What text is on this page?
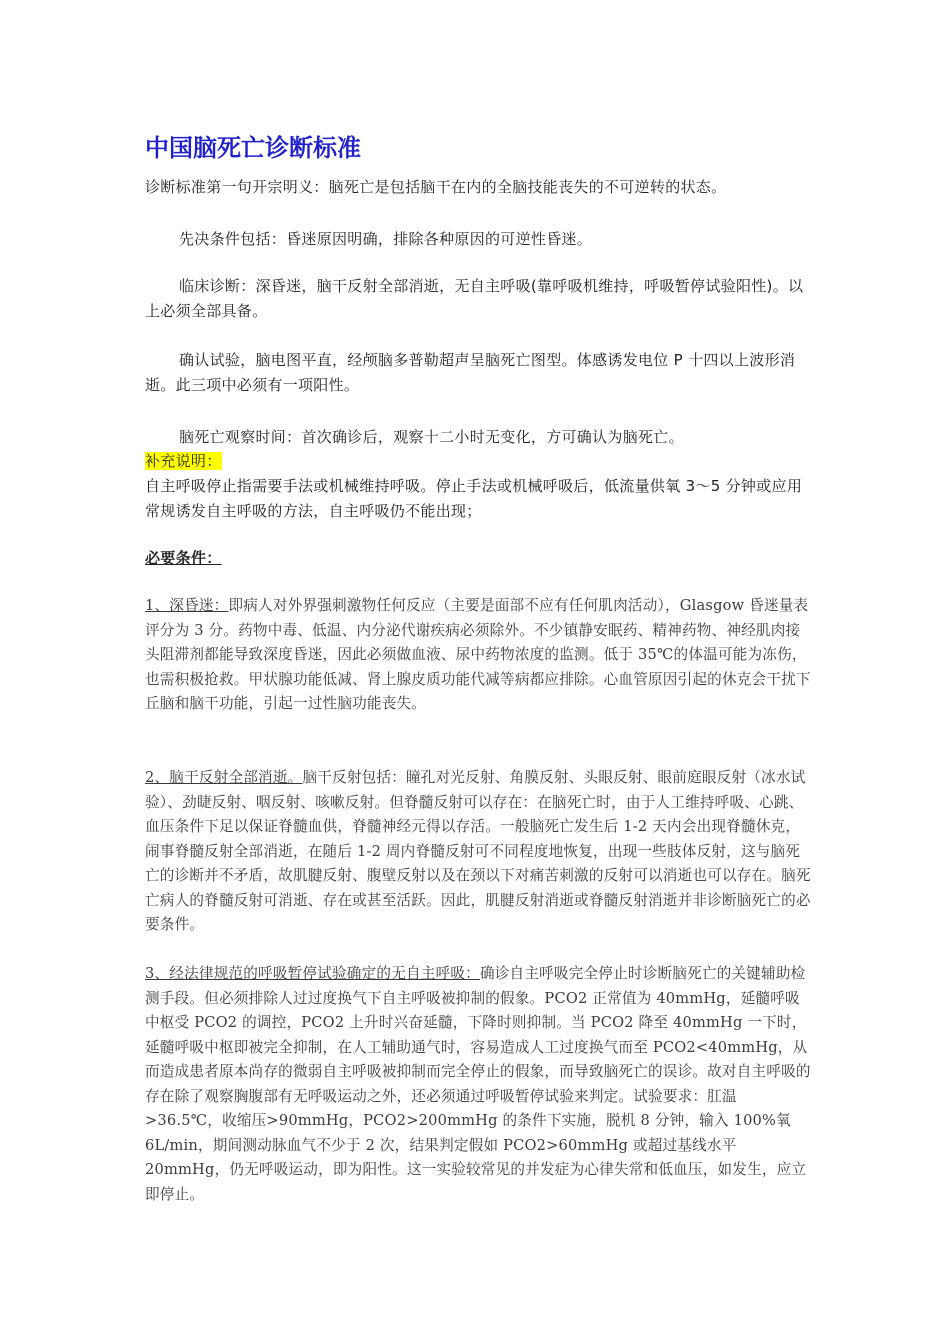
中国脑死亡诊断标准
诊断标准第一句开宗明义：脑死亡是包括脑干在内的全脑技能丧失的不可逆转的状态。
先决条件包括：昏迷原因明确，排除各种原因的可逆性昏迷。
临床诊断：深昏迷，脑干反射全部消逝，无自主呼吸(靠呼吸机维持，呼吸暂停试验阳性)。以上必须全部具备。
确认试验，脑电图平直，经颅脑多普勒超声呈脑死亡图型。体感诱发电位 P 十四以上波形消逝。此三项中必须有一项阳性。
脑死亡观察时间：首次确诊后，观察十二小时无变化，方可确认为脑死亡。
补充说明：
自主呼吸停止指需要手法或机械维持呼吸。停止手法或机械呼吸后，低流量供氧 3～5 分钟或应用常规诱发自主呼吸的方法，自主呼吸仍不能出现；
必要条件：
1、深昏迷：即病人对外界强刺激物任何反应（主要是面部不应有任何肌肉活动），Glasgow 昏迷量表评分为 3 分。药物中毒、低温、内分泌代谢疾病必须除外。不少镇静安眠药、精神药物、神经肌肉接头阻滞剂都能导致深度昏迷，因此必须做血液、尿中药物浓度的监测。低于 35℃的体温可能为冻伤，也需积极抢救。甲状腺功能低减、肾上腺皮质功能代减等病都应排除。心血管原因引起的休克会干扰下丘脑和脑干功能，引起一过性脑功能丧失。
2、脑干反射全部消逝。脑干反射包括：瞳孔对光反射、角膜反射、头眼反射、眼前庭眼反射（冰水试验）、劲睫反射、咽反射、咳嗽反射。但脊髓反射可以存在：在脑死亡时，由于人工维持呼吸、心跳、血压条件下足以保证脊髓血供，脊髓神经元得以存活。一般脑死亡发生后 1-2 天内会出现脊髓休克，闹事脊髓反射全部消逝，在随后 1-2 周内脊髓反射可不同程度地恢复，出现一些肢体反射，这与脑死亡的诊断并不矛盾，故肌腱反射、腹壁反射以及在颈以下对痛苦刺激的反射可以消逝也可以存在。脑死亡病人的脊髓反射可消逝、存在或甚至活跃。因此，肌腱反射消逝或脊髓反射消逝并非诊断脑死亡的必要条件。
3、经法律规范的呼吸暂停试验确定的无自主呼吸：确诊自主呼吸完全停止时诊断脑死亡的关键辅助检测手段。但必须排除人过过度换气下自主呼吸被抑制的假象。PCO2 正常值为 40mmHg，延髓呼吸中枢受 PCO2 的调控，PCO2 上升时兴奋延髓，下降时则抑制。当 PCO2 降至 40mmHg 一下时，延髓呼吸中枢即被完全抑制，在人工辅助通气时，容易造成人工过度换气而至 PCO2<40mmHg，从而造成患者原本尚存的微弱自主呼吸被抑制而完全停止的假象，而导致脑死亡的误诊。故对自主呼吸的存在除了观察胸腹部有无呼吸运动之外，还必须通过呼吸暂停试验来判定。试验要求：肛温>36.5℃，收缩压>90mmHg，PCO2>200mmHg 的条件下实施，脱机 8 分钟，输入 100%氧 6L/min，期间测动脉血气不少于 2 次，结果判定假如 PCO2>60mmHg 或超过基线水平 20mmHg，仍无呼吸运动，即为阳性。这一实验较常见的并发症为心律失常和低血压，如发生，应立即停止。
